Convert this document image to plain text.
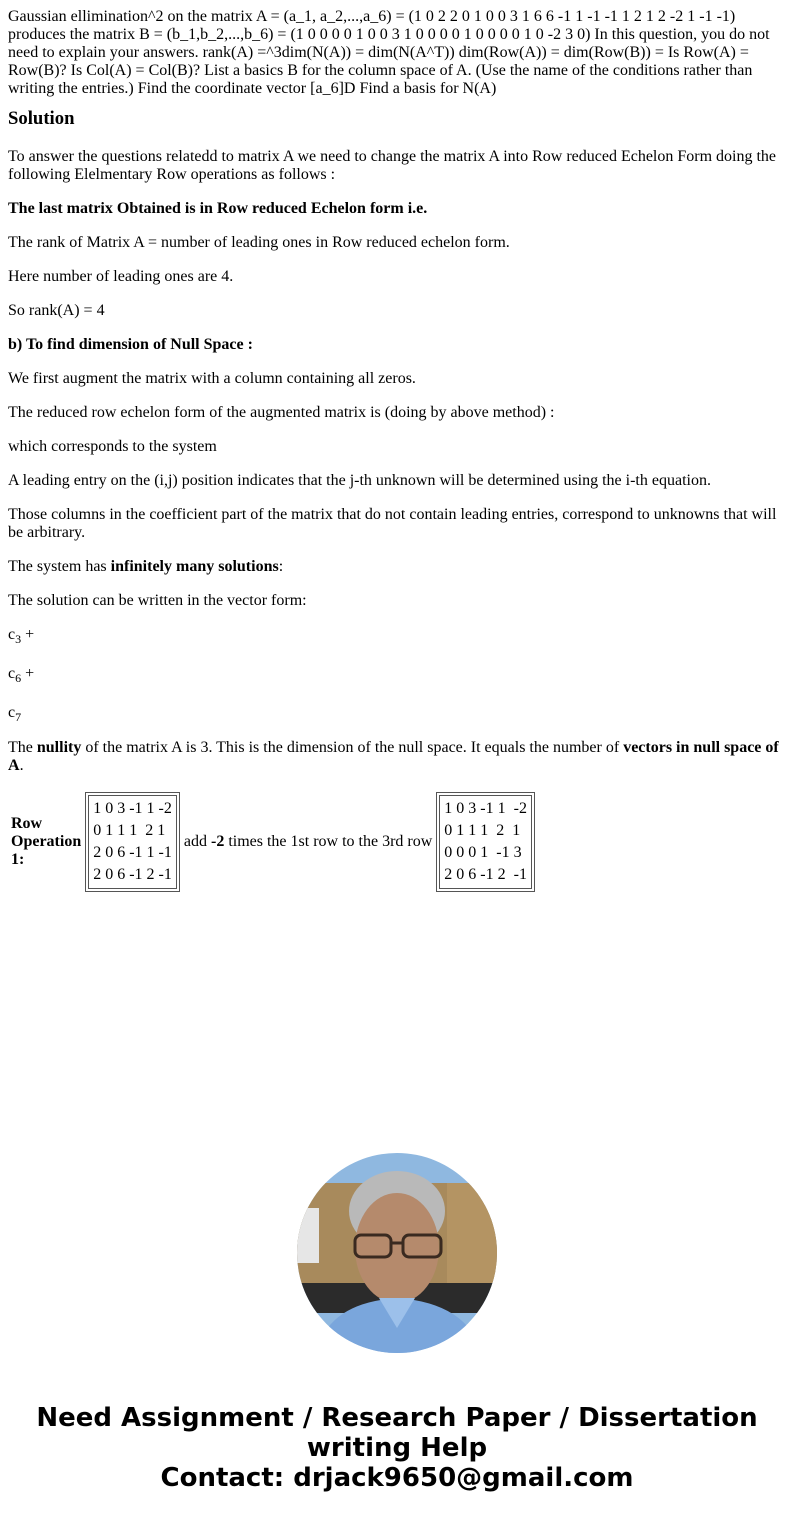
Gaussian ellimination^2 on the matrix A = (a_1, a_2,...,a_6) = (1 0 2 2 0 1 0 0 3 1 6 6 -1 1 -1 -1 1 2 1 2 -2 1 -1 -1) produces the matrix B = (b_1,b_2,...,b_6) = (1 0 0 0 0 1 0 0 3 1 0 0 0 0 1 0 0 0 0 1 0 -2 3 0) In this question, you do not need to explain your answers. rank(A) =^3dim(N(A)) = dim(N(A^T)) dim(Row(A)) = dim(Row(B)) = Is Row(A) = Row(B)? Is Col(A) = Col(B)? List a basics B for the column space of A. (Use the name of the conditions rather than writing the entries.) Find the coordinate vector [a_6]D Find a basis for N(A)

Solution

To answer the questions relatedd to matrix A we need to change the matrix A into Row reduced Echelon Form doing the following Elelmentary Row operations as follows :

The last matrix Obtained is in Row reduced Echelon form i.e.

The rank of Matrix A = number of leading ones in Row reduced echelon form.

Here number of leading ones are 4.

So rank(A) = 4

b) To find dimension of Null Space :

We first augment the matrix with a column containing all zeros.

The reduced row echelon form of the augmented matrix is (doing by above method) :

which corresponds to the system

A leading entry on the (i,j) position indicates that the j-th unknown will be determined using the i-th equation.

Those columns in the coefficient part of the matrix that do not contain leading entries, correspond to unknowns that will be arbitrary.

The system has infinitely many solutions:

The solution can be written in the vector form:

$c_3$ +

$c_6$ +

$c_7$

The nullity of the matrix A is 3. This is the dimension of the null space. It equals the number of vectors in null space of A.

Row Operation 1:	
1 0 3 -1 1 -2
0 1 1 1  2 1
2 0 6 -1 1 -1
2 0 6 -1 2 -1
	add -2 times the 1st row to the 3rd row	
1 0 3 -1 1  -2
0 1 1 1  2  1
0 0 0 1  -1 3
2 0 6 -1 2  -1
Need Assignment / Research Paper / Dissertation writing Help
Contact: drjack9650@gmail.com
